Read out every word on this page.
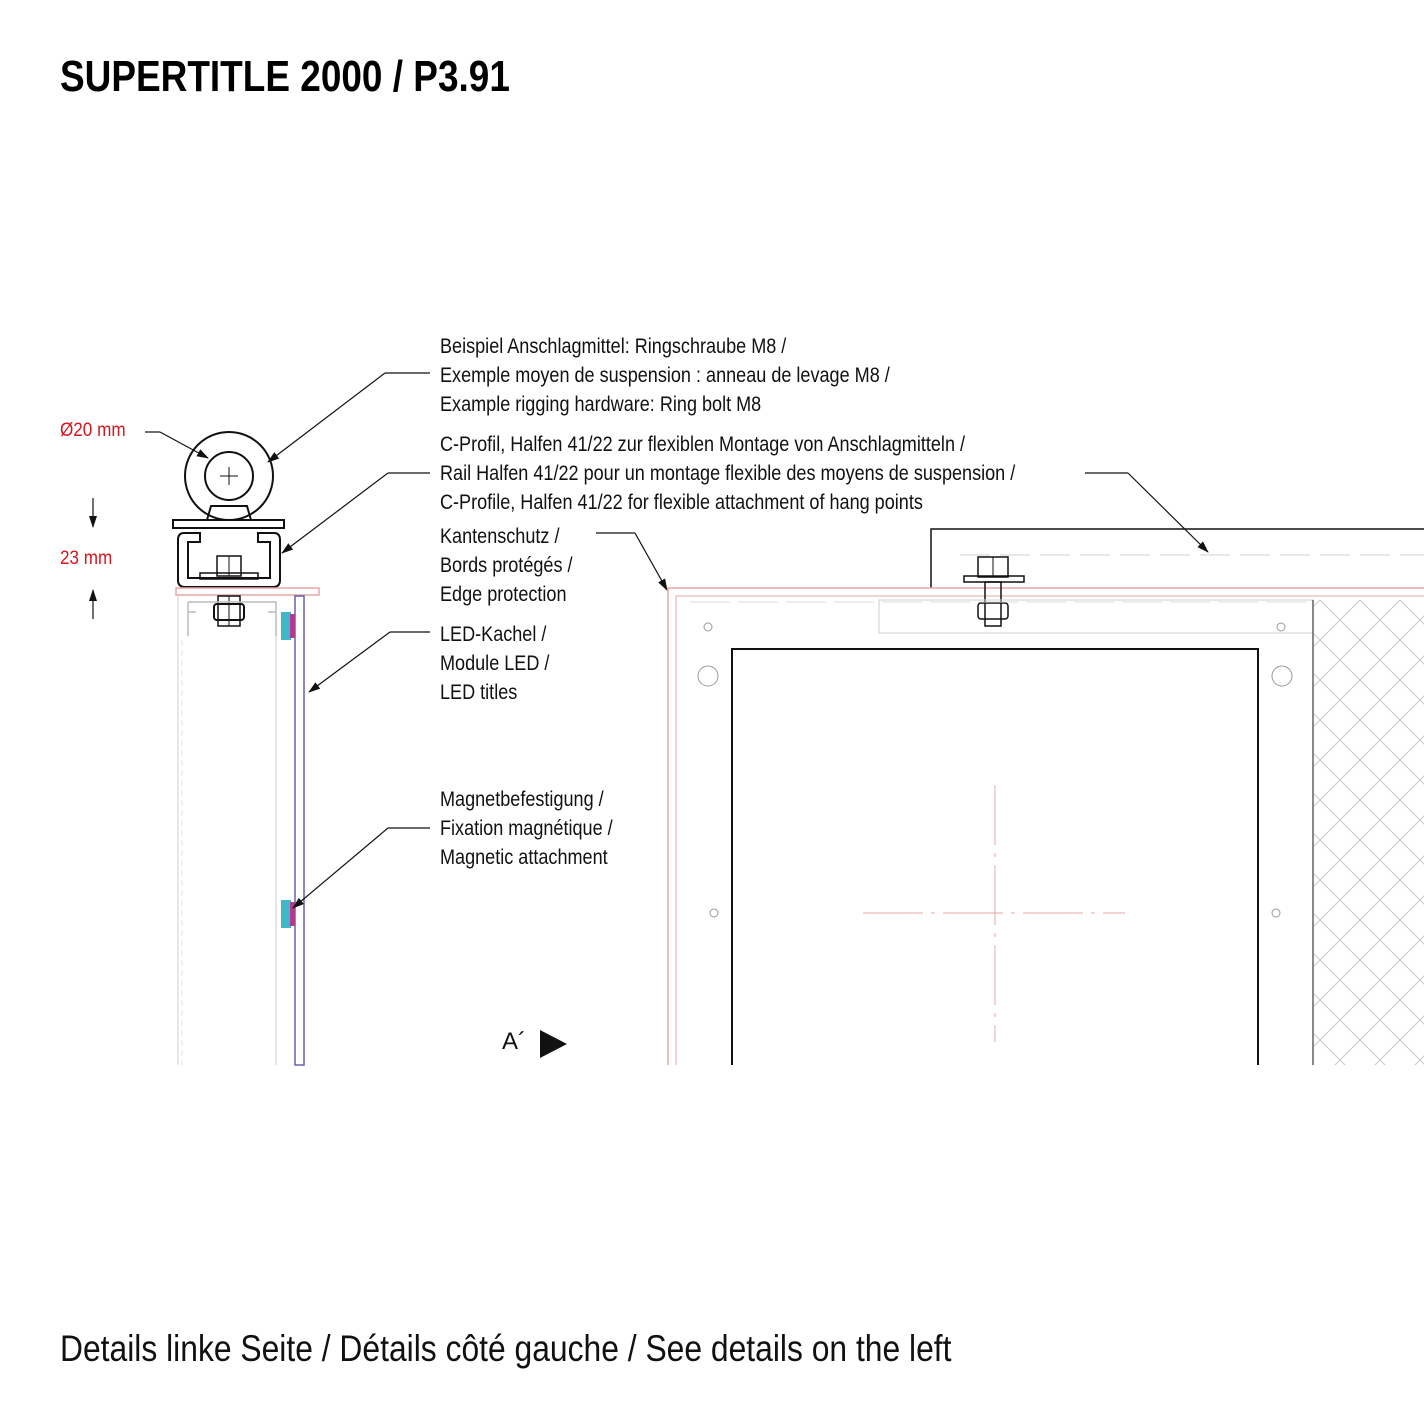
SUPERTITLE 2000 / P3.91
Ø20 mm
23 mm
Beispiel Anschlagmittel: Ringschraube M8 /
Exemple moyen de suspension : anneau de levage M8 /
Example rigging hardware: Ring bolt M8
C-Profil, Halfen 41/22 zur flexiblen Montage von Anschlagmitteln /
Rail Halfen 41/22 pour un montage flexible des moyens de suspension /
C-Profile, Halfen 41/22 for flexible attachment of hang points
Kantenschutz /
Bords protégés /
Edge protection
LED-Kachel /
Module LED /
LED titles
Magnetbefestigung /
Fixation magnétique /
Magnetic attachment
A´
Details linke Seite / Détails côté gauche / See details on the left
